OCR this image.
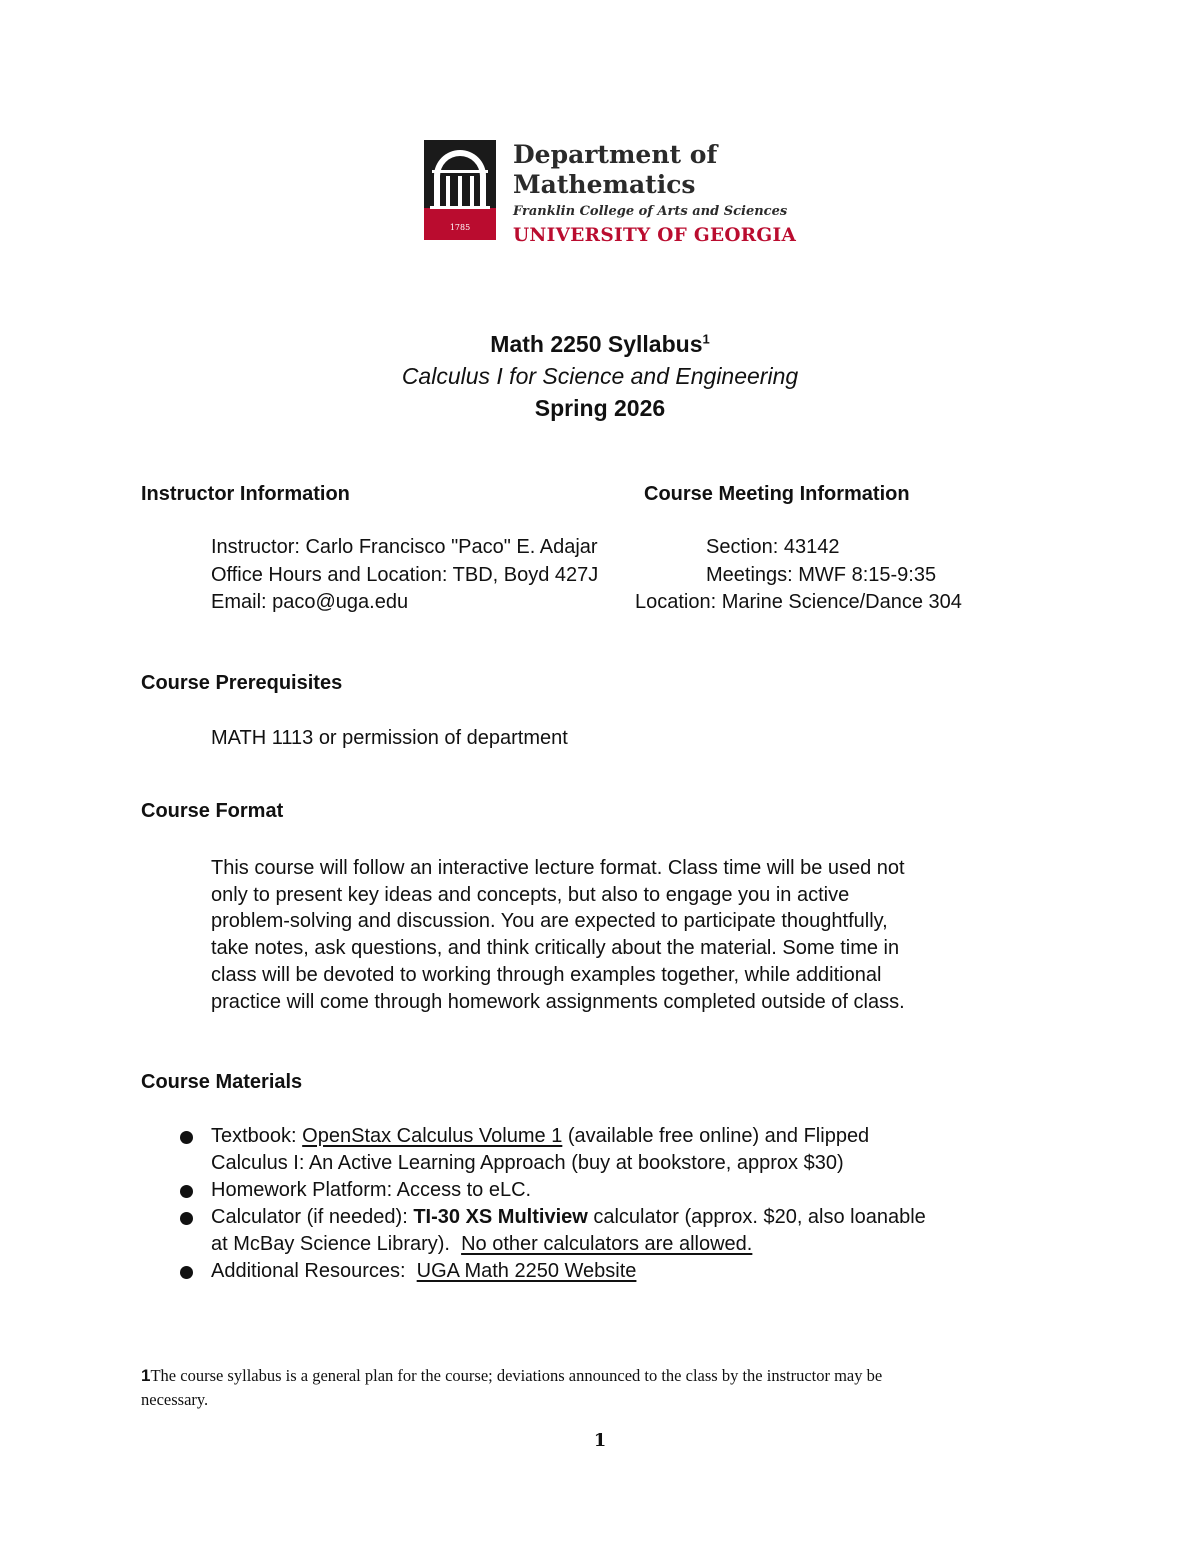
1785
Department of
Mathematics
Franklin College of Arts and Sciences
UNIVERSITY OF GEORGIA
Math 2250 Syllabus$^1$
Calculus I for Science and Engineering
Spring 2026
Instructor Information	Course Meeting Information
Instructor: Carlo Francisco "Paco" E. Adajar
Office Hours and Location: TBD, Boyd 427J
Email: paco@uga.edu
Section: 43142
Meetings: MWF 8:15-9:35
Location: Marine Science/Dance 304
Course Prerequisites
MATH 1113 or permission of department
Course Format
This course will follow an interactive lecture format. Class time will be used not
only to present key ideas and concepts, but also to engage you in active
problem-solving and discussion. You are expected to participate thoughtfully,
take notes, ask questions, and think critically about the material. Some time in
class will be devoted to working through examples together, while additional
practice will come through homework assignments completed outside of class.
Course Materials
Textbook: OpenStax Calculus Volume 1 (available free online) and Flipped
Calculus I: An Active Learning Approach (buy at bookstore, approx $30)
Homework Platform: Access to eLC.
Calculator (if needed): TI-30 XS Multiview calculator (approx. $20, also loanable
at McBay Science Library).  No other calculators are allowed.
Additional Resources:  UGA Math 2250 Website
1The course syllabus is a general plan for the course; deviations announced to the class by the instructor may be
necessary.
1
